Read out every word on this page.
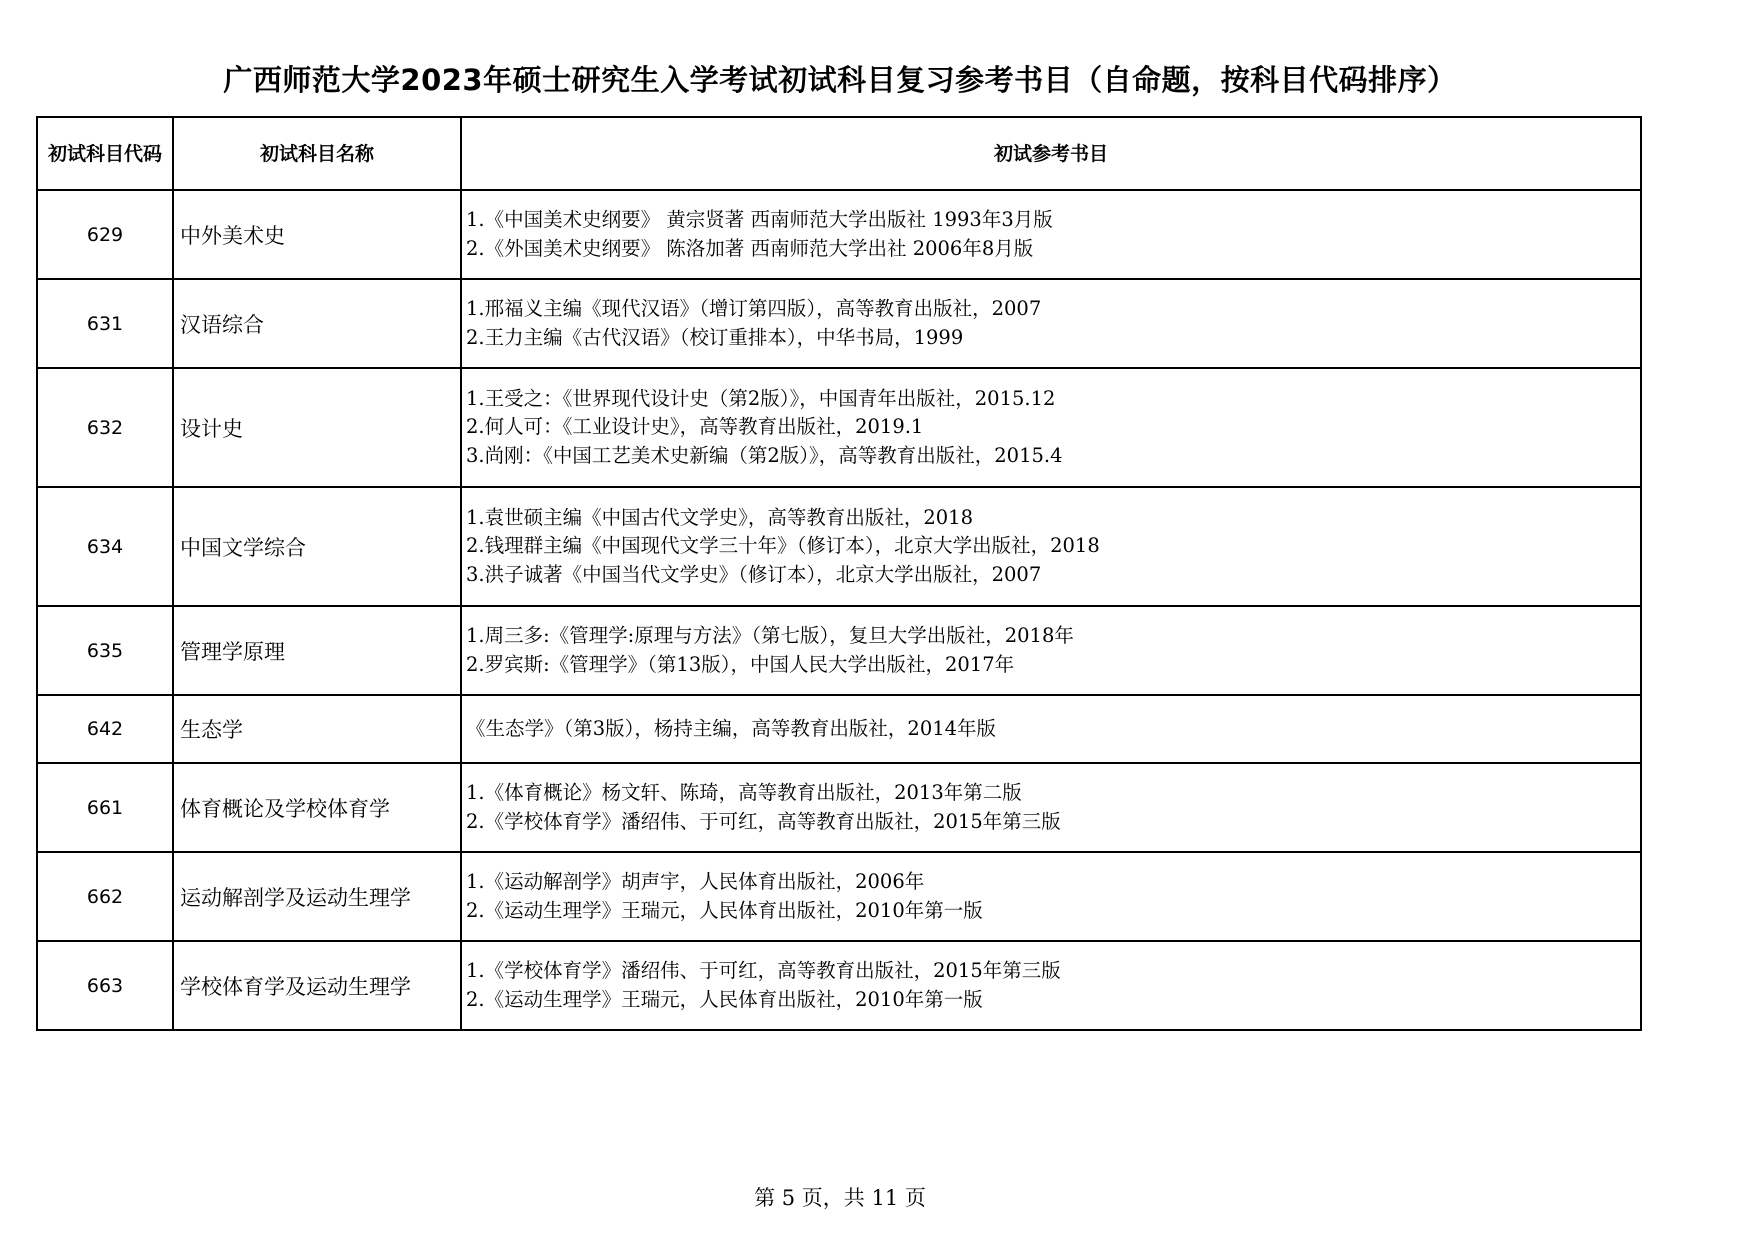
广西师范大学2023年硕士研究生入学考试初试科目复习参考书目（自命题，按科目代码排序）
初试科目代码	初试科目名称	初试参考书目
629	中外美术史	1.《中国美术史纲要》 黄宗贤著 西南师范大学出版社 1993年3月版
2.《外国美术史纲要》 陈洛加著 西南师范大学出社 2006年8月版

631	汉语综合	1.邢福义主编《现代汉语》（增订第四版），高等教育出版社，2007
2.王力主编《古代汉语》（校订重排本），中华书局，1999

632	设计史	1.王受之：《世界现代设计史（第2版）》，中国青年出版社，2015.12
2.何人可：《工业设计史》，高等教育出版社，2019.1
3.尚刚：《中国工艺美术史新编（第2版）》，高等教育出版社，2015.4

634	中国文学综合	1.袁世硕主编《中国古代文学史》，高等教育出版社，2018
2.钱理群主编《中国现代文学三十年》（修订本），北京大学出版社，2018
3.洪子诚著《中国当代文学史》（修订本），北京大学出版社，2007

635	管理学原理	1.周三多:《管理学:原理与方法》（第七版），复旦大学出版社，2018年
2.罗宾斯:《管理学》（第13版），中国人民大学出版社，2017年

642	生态学	《生态学》（第3版），杨持主编，高等教育出版社，2014年版

661	体育概论及学校体育学	1.《体育概论》杨文轩、陈琦，高等教育出版社，2013年第二版
2.《学校体育学》潘绍伟、于可红，高等教育出版社，2015年第三版

662	运动解剖学及运动生理学	1.《运动解剖学》胡声宇，人民体育出版社，2006年
2.《运动生理学》王瑞元，人民体育出版社，2010年第一版

663	学校体育学及运动生理学	1.《学校体育学》潘绍伟、于可红，高等教育出版社，2015年第三版
2.《运动生理学》王瑞元，人民体育出版社，2010年第一版
第 5 页，共 11 页
